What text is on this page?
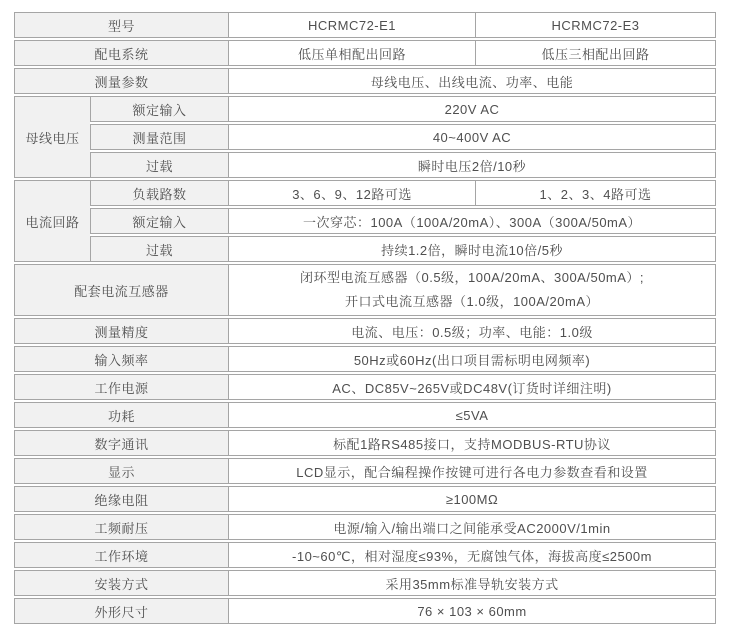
型号		HCRMC72-E1	HCRMC72-E3
配电系统		低压单相配出回路	低压三相配出回路
测量参数		母线电压、出线电流、功率、电能	
母线电压	额定输入	220V AC	
	测量范围	40~400V AC	
	过载	瞬时电压2倍/10秒	
电流回路	负载路数	3、6、9、12路可选	1、2、3、4路可选
	额定输入	一次穿芯：100A（100A/20mA）、300A（300A/50mA）	
	过载	持续1.2倍，瞬时电流10倍/5秒	
配套电流互感器		闭环型电流互感器（0.5级，100A/20mA、300A/50mA）;
开口式电流互感器（1.0级，100A/20mA）	

测量精度		电流、电压：0.5级；功率、电能：1.0级	
输入频率		50Hz或60Hz(出口项目需标明电网频率)	
工作电源		AC、DC85V~265V或DC48V(订货时详细注明)	
功耗		≤5VA	
数字通讯		标配1路RS485接口，支持MODBUS-RTU协议	
显示		LCD显示，配合编程操作按键可进行各电力参数查看和设置	
绝缘电阻		≥100MΩ	
工频耐压		电源/输入/输出端口之间能承受AC2000V/1min	
工作环境		-10~60℃，相对湿度≤93%，无腐蚀气体，海拔高度≤2500m	
安装方式		采用35mm标准导轨安装方式	
外形尺寸		76 × 103 × 60mm	
